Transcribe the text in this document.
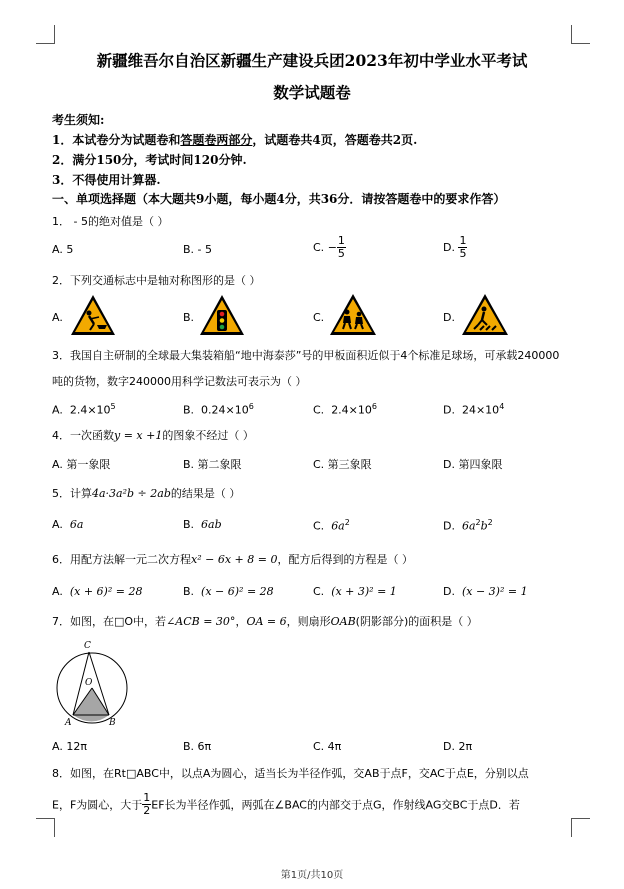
新疆维吾尔自治区新疆生产建设兵团2023年初中学业水平考试
数学试题卷
考生须知:
1．本试卷分为试题卷和答题卷两部分，试题卷共4页，答题卷共2页.
2．满分150分，考试时间120分钟.
3．不得使用计算器.
一、单项选择题（本大题共9小题，每小题4分，共36分．请按答题卷中的要求作答）
1． - 5的绝对值是（ ）
A. 5	B. - 5	C. − $\frac{1}{5}$	D. $\frac{1}{5}$
2．下列交通标志中是轴对称图形的是（ ）
A.	B.	C.	D.
3．我国自主研制的全球最大集装箱船“地中海泰莎”号的甲板面积近似于4个标准足球场，可承载240000
吨的货物，数字240000用科学记数法可表示为（ ）
A. $2.4\times 10^5$	B. $0.24\times 10^6$	C. $2.4\times 10^6$	D. $24\times 10^4$
4．一次函数y = x +1的图象不经过（ ）
A. 第一象限	B. 第二象限	C. 第三象限	D. 第四象限
5．计算4a·3a²b ÷ 2ab的结果是（ ）
A. 6a	B. 6ab	C. $6a^2$	D. $6a^2b^2$
6．用配方法解一元二次方程x² − 6x + 8 = 0，配方后得到的方程是（ ）
A. (x + 6)² = 28	B. (x − 6)² = 28	C. (x + 3)² = 1	D. (x − 3)² = 1
7．如图，在□O中，若∠ACB = 30°，OA = 6，则扇形OAB(阴影部分)的面积是（ ）
C
O
A	B
A. 12π	B. 6π	C. 4π	D. 2π
8．如图，在Rt□ABC中，以点A为圆心，适当长为半径作弧，交AB于点F，交AC于点E，分别以点
E，F为圆心，大于 $\frac{1}{2}$ EF长为半径作弧，两弧在∠BAC的内部交于点G，作射线AG交BC于点D．若
第1页/共10页
